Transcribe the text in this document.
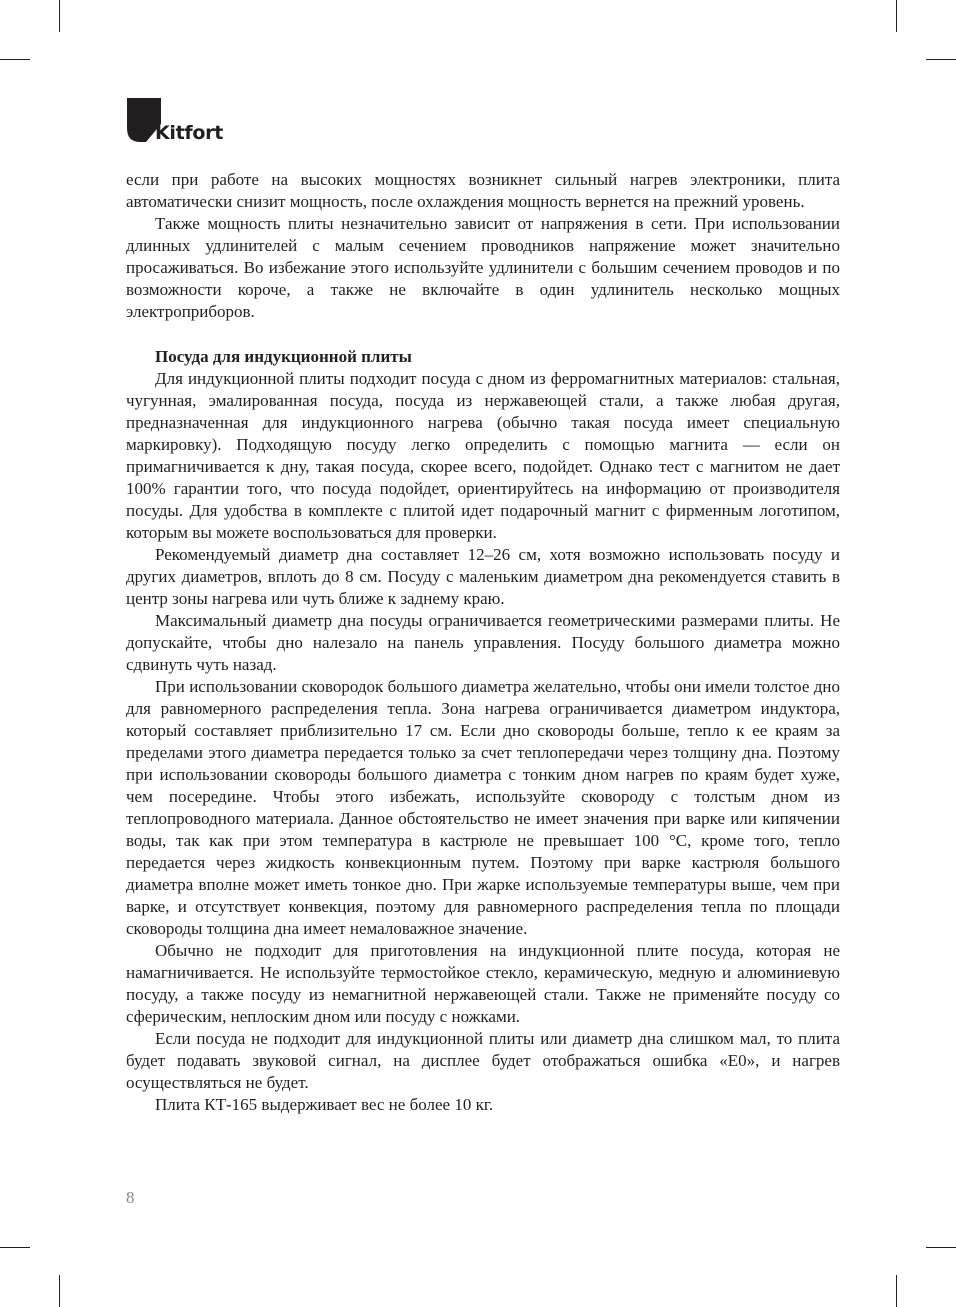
Kitfort

если при работе на высоких мощностях возникнет сильный нагрев электроники, плита автоматически снизит мощность, после охлаждения мощность вернется на прежний уровень.

Также мощность плиты незначительно зависит от напряжения в сети. При использовании длинных удлинителей с малым сечением проводников напряжение может значительно просаживаться. Во избежание этого используйте удлинители с большим сечением проводов и по возможности короче, а также не включайте в один удлинитель несколько мощных электроприборов.

Посуда для индукционной плиты

Для индукционной плиты подходит посуда с дном из ферромагнитных материалов: стальная, чугунная, эмалированная посуда, посуда из нержавеющей стали, а также любая другая, предназначенная для индукционного нагрева (обычно такая посуда имеет специальную маркировку). Подходящую посуду легко определить с помощью магнита — если он примагничивается к дну, такая посуда, скорее всего, подойдет. Однако тест с магнитом не дает 100% гарантии того, что посуда подойдет, ориентируйтесь на информацию от производителя посуды. Для удобства в комплекте с плитой идет подарочный магнит с фирменным логотипом, которым вы можете воспользоваться для проверки.

Рекомендуемый диаметр дна составляет 12–26 см, хотя возможно использовать посуду и других диаметров, вплоть до 8 см. Посуду с маленьким диаметром дна рекомендуется ставить в центр зоны нагрева или чуть ближе к заднему краю.

Максимальный диаметр дна посуды ограничивается геометрическими размерами плиты. Не допускайте, чтобы дно налезало на панель управления. Посуду большого диаметра можно сдвинуть чуть назад.

При использовании сковородок большого диаметра желательно, чтобы они имели толстое дно для равномерного распределения тепла. Зона нагрева ограничивается диаметром индуктора, который составляет приблизительно 17 см. Если дно сковороды больше, тепло к ее краям за пределами этого диаметра передается только за счет теплопередачи через толщину дна. Поэтому при использовании сковороды большого диаметра с тонким дном нагрев по краям будет хуже, чем посередине. Чтобы этого избежать, используйте сковороду с толстым дном из теплопроводного материала. Данное обстоятельство не имеет значения при варке или кипячении воды, так как при этом температура в кастрюле не превышает 100 °С, кроме того, тепло передается через жидкость конвекционным путем. Поэтому при варке кастрюля большого диаметра вполне может иметь тонкое дно. При жарке используемые температуры выше, чем при варке, и отсутствует конвекция, поэтому для равномерного распределения тепла по площади сковороды толщина дна имеет немаловажное значение.

Обычно не подходит для приготовления на индукционной плите посуда, которая не намагничивается. Не используйте термостойкое стекло, керамическую, медную и алюминиевую посуду, а также посуду из немагнитной нержавеющей стали. Также не применяйте посуду со сферическим, неплоским дном или посуду с ножками.

Если посуда не подходит для индукционной плиты или диаметр дна слишком мал, то плита будет подавать звуковой сигнал, на дисплее будет отображаться ошибка «E0», и нагрев осуществляться не будет.

Плита КТ-165 выдерживает вес не более 10 кг.

8
